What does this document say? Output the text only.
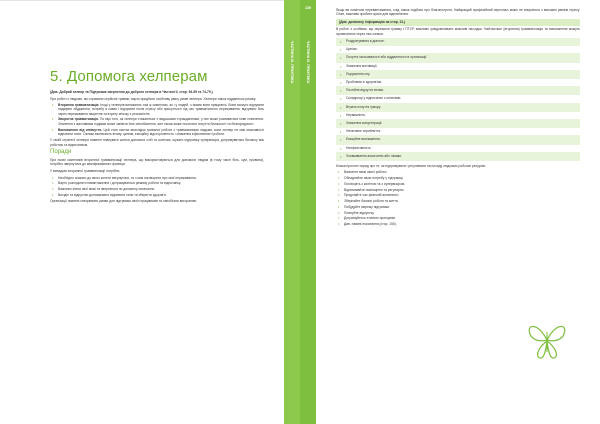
5. Допомога хелперам

(Див. Добрий хелпер та Підтримка звернення до доброго хелпера в Частині II, стор. 94-95 та 74-75.)

При роботі з людьми, які отримали серйозні травми, варто придбати особливу увагу умові хелпера. Хелпери також піддаються ризику.

• Вторинна травматизація. Іноді у хелперів виникають такі ж симптоми, як і у людей, з якими вони працюють. Вони можуть відчувати надмірне збудження, потребу в кавах і відчувати після стресу або присутності під час травматичного переживання, відчувати біль через переживання пацієнтів та втрату зв'язку з реальністю.
• Зворотна травматизація. По мірі того, як хелпери стикаються з людськими стражданнями, у них може розвиватися нове ставлення. Зіткнення з жахливими подіями може змінити їхнє світобачення, але також може посилити почуття близькості та безпорадності.
• Виснаження від співчуття. Цей стан настає внаслідок тривалої роботи з травмованими людьми, коли хелпер не має можливості відновити сили. Ознаки включають втому, цинізм, емоційну відстороненість і зниження ефективності роботи.

У своїй стратегії хелпери повинні планувати шляхи допомоги собі та колегам, шукати підтримку супервізора, дотримуватися балансу між роботою та відпочинком.

Поради

При появі симптомів вторинної травматизації хелпера, що використовуються для допомоги людям (в тому числі біль, сум, провина), потрібно звернутися до кваліфікованого фахівця.

У випадках вторинної травматизації потрібно:

• Необхідно сказати до якого колеги звернутися, та з ким поговорити про свої переживання.
• Варто розподіляти навантаження і дотримуватися режиму роботи та відпочинку.
• Важливо знати свої межі та звертатися по допомогу своєчасно.
• Вихідні та відпустки допомагають відновити сили та зберегти здоров'я.

Організації повинні створювати умови для підтримки своїх працівників та запобігати вигоранню.

ЧАСТИНА III. ПРАКТИКА
139
ЧАСТИНА III. ПРАКТИКА

Якщо ви помітили перевантаження, слід також подбати про благополуччя. Найкращий професійний персонал може не впоратися з високим рівнем стресу. Отже, важливо зробити кроки для відновлення.

(Див. допомогу інформацію на стор. 21.)

В роботі з особами, що пережили травму і ПТСР, важливо усвідомлювати можливі наслідки. Найчастіше (вторинна) травматизація та виснаження можуть проявлятися через такі ознаки:

• Роздратування в діалоге.
• Цинізм.
• Почуття ізольованості або віддаленості в організації.
• Зниження мотивації.
• Порушення сну.
• Проблеми зі здоров'ям.
• Постійне відчуття втоми.
• Складнощі у відносинах з колегами.
• Втрата почуття гумору.
• Неуважність.
• Зниження концентрації.
• Негативне сприйняття.
• Емоційне виснаження.
• Неефективність.
• Зловживання алкоголем або ліками.

Кілька простих порад про те, як підтримувати і регулювати на посаду людських робочих ресурсів:

• Визначте межі своєї роботи.
• Обладнайте свою потребу у підтримці.
• Поговоріть з колегою та з супервізором.
• Відпочивайте повноцінно та регулярно.
• Приділяйте час фізичній активності.
• Зберігайте баланс роботи та життя.
• Побудуйте мережу підтримки.
• Плануйте відпустку.
• Дотримуйтесь етичних принципів.
• Див. наявні посилання (стор. 150).
